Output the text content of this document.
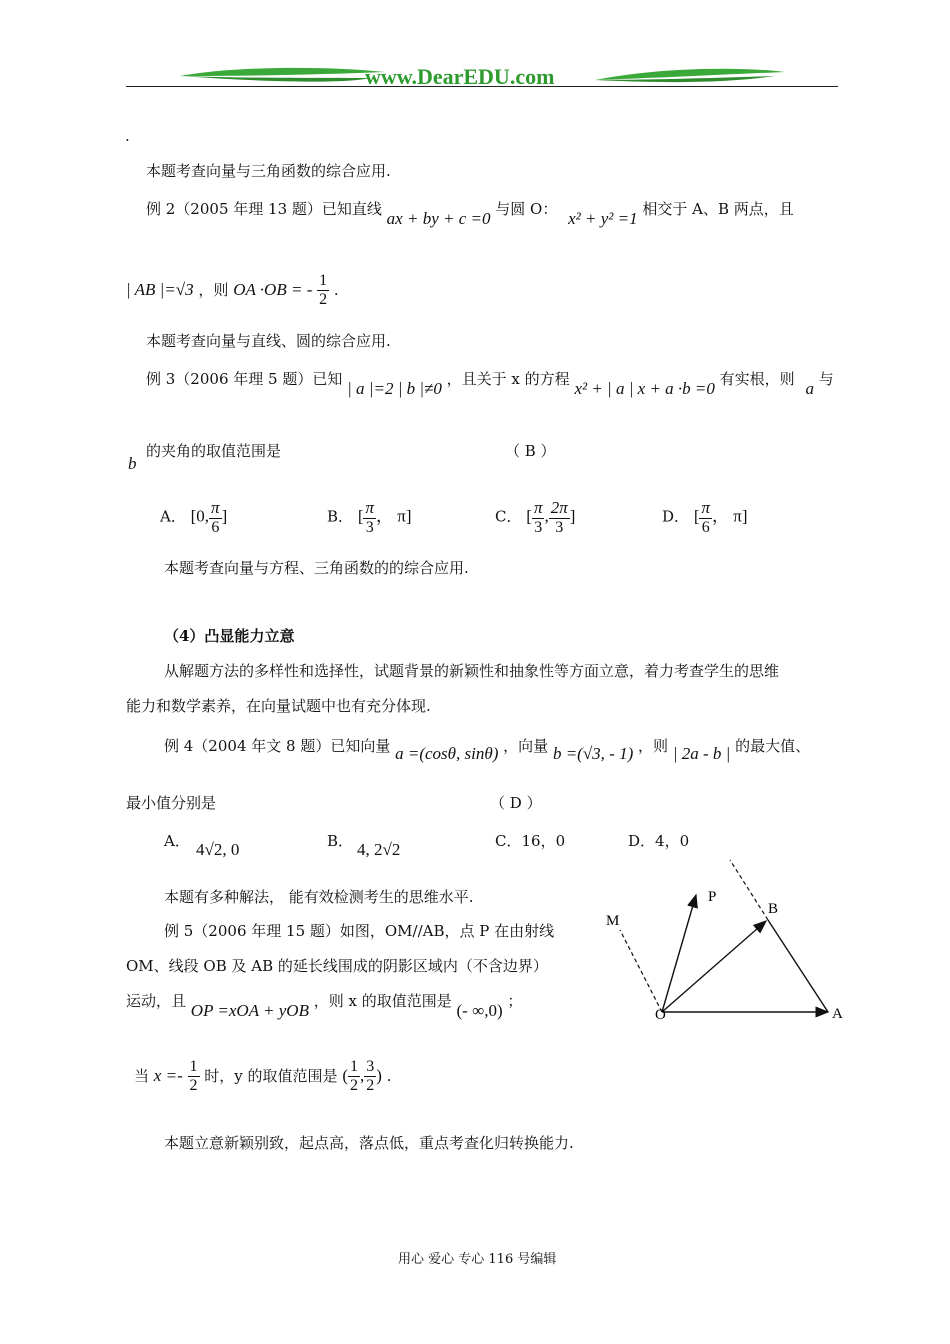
www.DearEDU.com
.
本题考查向量与三角函数的综合应用.
例 2（2005 年理 13 题）已知直线 ax + by + c =0 与圆 O： x² + y² =1 相交于 A、B 两点，且
| AB |=√3 ，则 OA ·OB = - $\frac{1}{2}$ .
本题考查向量与直线、圆的综合应用.
例 3（2006 年理 5 题）已知 | a |=2 | b |≠0 ，且关于 x 的方程 x² + | a | x + a ·b =0 有实根，则 a 与
b
的夹角的取值范围是	（ B ）
A． [0, $\frac{\pi}{6}$ ]	B． [ $\frac{\pi}{3}$ ， π]	C． [ $\frac{\pi}{3}$ , $\frac{2\pi}{3}$ ]	D． [ $\frac{\pi}{6}$ ， π]
本题考查向量与方程、三角函数的的综合应用.
（4）凸显能力立意
从解题方法的多样性和选择性，试题背景的新颖性和抽象性等方面立意，着力考查学生的思维
能力和数学素养，在向量试题中也有充分体现.
例 4（2004 年文 8 题）已知向量 a =(cosθ, sinθ) ，向量 b =(√3, - 1) ，则 | 2a - b | 的最大值、
最小值分别是	（ D ）
A． 4√2, 0	B． 4, 2√2	C．16，0	D．4，0
本题有多种解法， 能有效检测考生的思维水平.
例 5（2006 年理 15 题）如图，OM//AB，点 P 在由射线
OM、线段 OB 及 AB 的延长线围成的阴影区域内（不含边界）
运动，且 OP =xOA + yOB ，则 x 的取值范围是 (- ∞,0) ；
当 $x =- \frac{1}{2}$ 时，y 的取值范围是 ( $\frac{1}{2}$ , $\frac{3}{2}$ ) .
本题立意新颖别致，起点高，落点低，重点考查化归转换能力.
M
P
B
O	A
用心 爱心 专心 116 号编辑
